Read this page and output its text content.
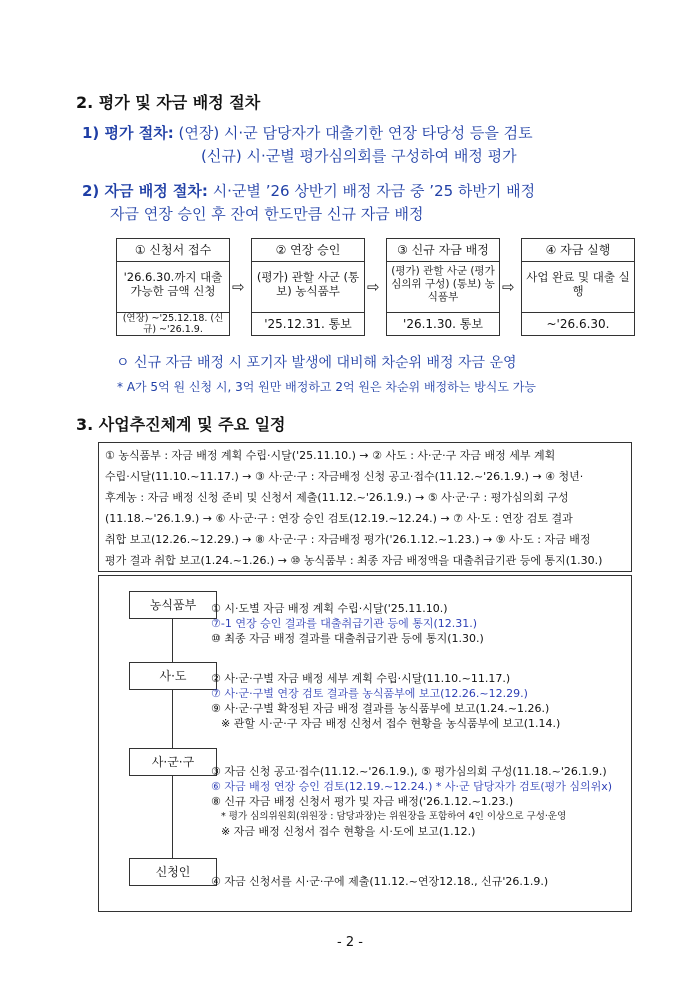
2. 평가 및 자금 배정 절차
1) 평가 절차: (연장) 시·군 담당자가 대출기한 연장 타당성 등을 검토
(신규) 시·군별 평가심의회를 구성하여 배정 평가
2) 자금 배정 절차: 시·군별 ’26 상반기 배정 자금 중 ’25 하반기 배정
자금 연장 승인 후 잔여 한도만큼 신규 자금 배정
① 신청서 접수
'26.6.30.까지 대출 가능한 금액 신청
(연장) ~'25.12.18. (신규) ~'26.1.9.
⇨
② 연장 승인
(평가) 관할 사군 (통보) 농식품부
'25.12.31. 통보
⇨
③ 신규 자금 배정
(평가) 관할 사군 (평가심의위 구성) (통보) 농식품부
'26.1.30. 통보
⇨
④ 자금 실행
사업 완료 및 대출 실행
~'26.6.30.
ㅇ 신규 자금 배정 시 포기자 발생에 대비해 차순위 배정 자금 운영
* A가 5억 원 신청 시, 3억 원만 배정하고 2억 원은 차순위 배정하는 방식도 가능
3. 사업추진체계 및 주요 일정
① 농식품부 : 자금 배정 계획 수립·시달('25.11.10.) → ② 사도 : 사·군·구 자금 배정 세부 계획
수립·시달(11.10.~11.17.) → ③ 사·군·구 : 자금배정 신청 공고·접수(11.12.~'26.1.9.) → ④ 청년·
후계농 : 자금 배정 신청 준비 및 신청서 제출(11.12.~'26.1.9.) → ⑤ 사·군·구 : 평가심의회 구성
(11.18.~'26.1.9.) → ⑥ 사·군·구 : 연장 승인 검토(12.19.~12.24.) → ⑦ 사·도 : 연장 검토 결과
취합 보고(12.26.~12.29.) → ⑧ 사·군·구 : 자금배정 평가('26.1.12.~1.23.) → ⑨ 사·도 : 자금 배정
평가 결과 취합 보고(1.24.~1.26.) → ⑩ 농식품부 : 최종 자금 배정액을 대출취급기관 등에 통지(1.30.)
농식품부	① 시·도별 자금 배정 계획 수립·시달('25.11.10.)
⑦-1 연장 승인 결과를 대출취급기관 등에 통지(12.31.)
⑩ 최종 자금 배정 결과를 대출취급기관 등에 통지(1.30.)
사·도	② 사·군·구별 자금 배정 세부 계획 수립·시달(11.10.~11.17.)
⑦ 사·군·구별 연장 검토 결과를 농식품부에 보고(12.26.~12.29.)
⑨ 사·군·구별 확정된 자금 배정 결과를 농식품부에 보고(1.24.~1.26.)
※ 관할 시·군·구 자금 배정 신청서 접수 현황을 농식품부에 보고(1.14.)
사·군·구
③ 자금 신청 공고·접수(11.12.~'26.1.9.), ⑤ 평가심의회 구성(11.18.~'26.1.9.)
⑥ 자금 배정 연장 승인 검토(12.19.~12.24.) * 사·군 담당자가 검토(평가 심의위x)
⑧ 신규 자금 배정 신청서 평가 및 자금 배정('26.1.12.~1.23.)
* 평가 심의위원회(위원장 : 담당과장)는 위원장을 포함하여 4인 이상으로 구성·운영
※ 자금 배정 신청서 접수 현황을 시·도에 보고(1.12.)
신청인
④ 자금 신청서를 시·군·구에 제출(11.12.~연장12.18., 신규'26.1.9.)
- 2 -
